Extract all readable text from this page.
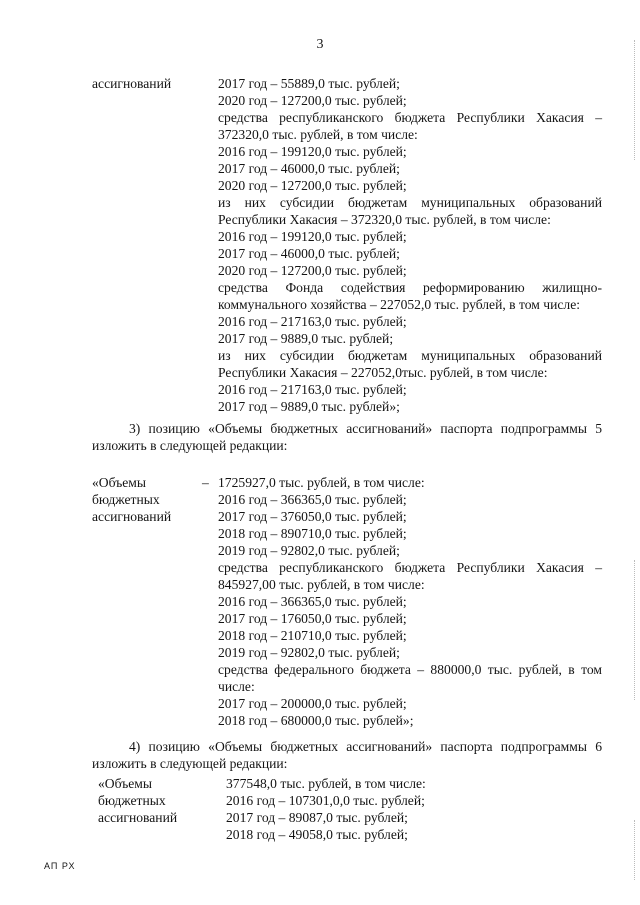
3
ассигнований	2017 год – 55889,0 тыс. рублей;
2020 год – 127200,0 тыс. рублей;
средства республиканского бюджета Республики Хакасия –
372320,0 тыс. рублей, в том числе:
2016 год – 199120,0 тыс. рублей;
2017 год – 46000,0 тыс. рублей;
2020 год – 127200,0 тыс. рублей;
из них субсидии бюджетам муниципальных образований
Республики Хакасия – 372320,0 тыс. рублей, в том числе:
2016 год – 199120,0 тыс. рублей;
2017 год – 46000,0 тыс. рублей;
2020 год – 127200,0 тыс. рублей;
средства Фонда содействия реформированию жилищно-
коммунального хозяйства – 227052,0 тыс. рублей, в том числе:
2016 год – 217163,0 тыс. рублей;
2017 год – 9889,0 тыс. рублей;
из них субсидии бюджетам муниципальных образований
Республики Хакасия – 227052,0тыс. рублей, в том числе:
2016 год – 217163,0 тыс. рублей;
2017 год – 9889,0 тыс. рублей»;
3) позицию «Объемы бюджетных ассигнований» паспорта подпрограммы 5
изложить в следующей редакции:
«Объемы
бюджетных
ассигнований
– 1725927,0 тыс. рублей, в том числе:
2016 год – 366365,0 тыс. рублей;
2017 год – 376050,0 тыс. рублей;
2018 год – 890710,0 тыс. рублей;
2019 год – 92802,0 тыс. рублей;
средства республиканского бюджета Республики Хакасия –
845927,00 тыс. рублей, в том числе:
2016 год – 366365,0 тыс. рублей;
2017 год – 176050,0 тыс. рублей;
2018 год – 210710,0 тыс. рублей;
2019 год – 92802,0 тыс. рублей;
средства федерального бюджета – 880000,0 тыс. рублей, в том
числе:
2017 год – 200000,0 тыс. рублей;
2018 год – 680000,0 тыс. рублей»;
4) позицию «Объемы бюджетных ассигнований» паспорта подпрограммы 6
изложить в следующей редакции:
«Объемы
бюджетных
ассигнований
377548,0 тыс. рублей, в том числе:
2016 год – 107301,0,0 тыс. рублей;
2017 год – 89087,0 тыс. рублей;
2018 год – 49058,0 тыс. рублей;
АП РХ
